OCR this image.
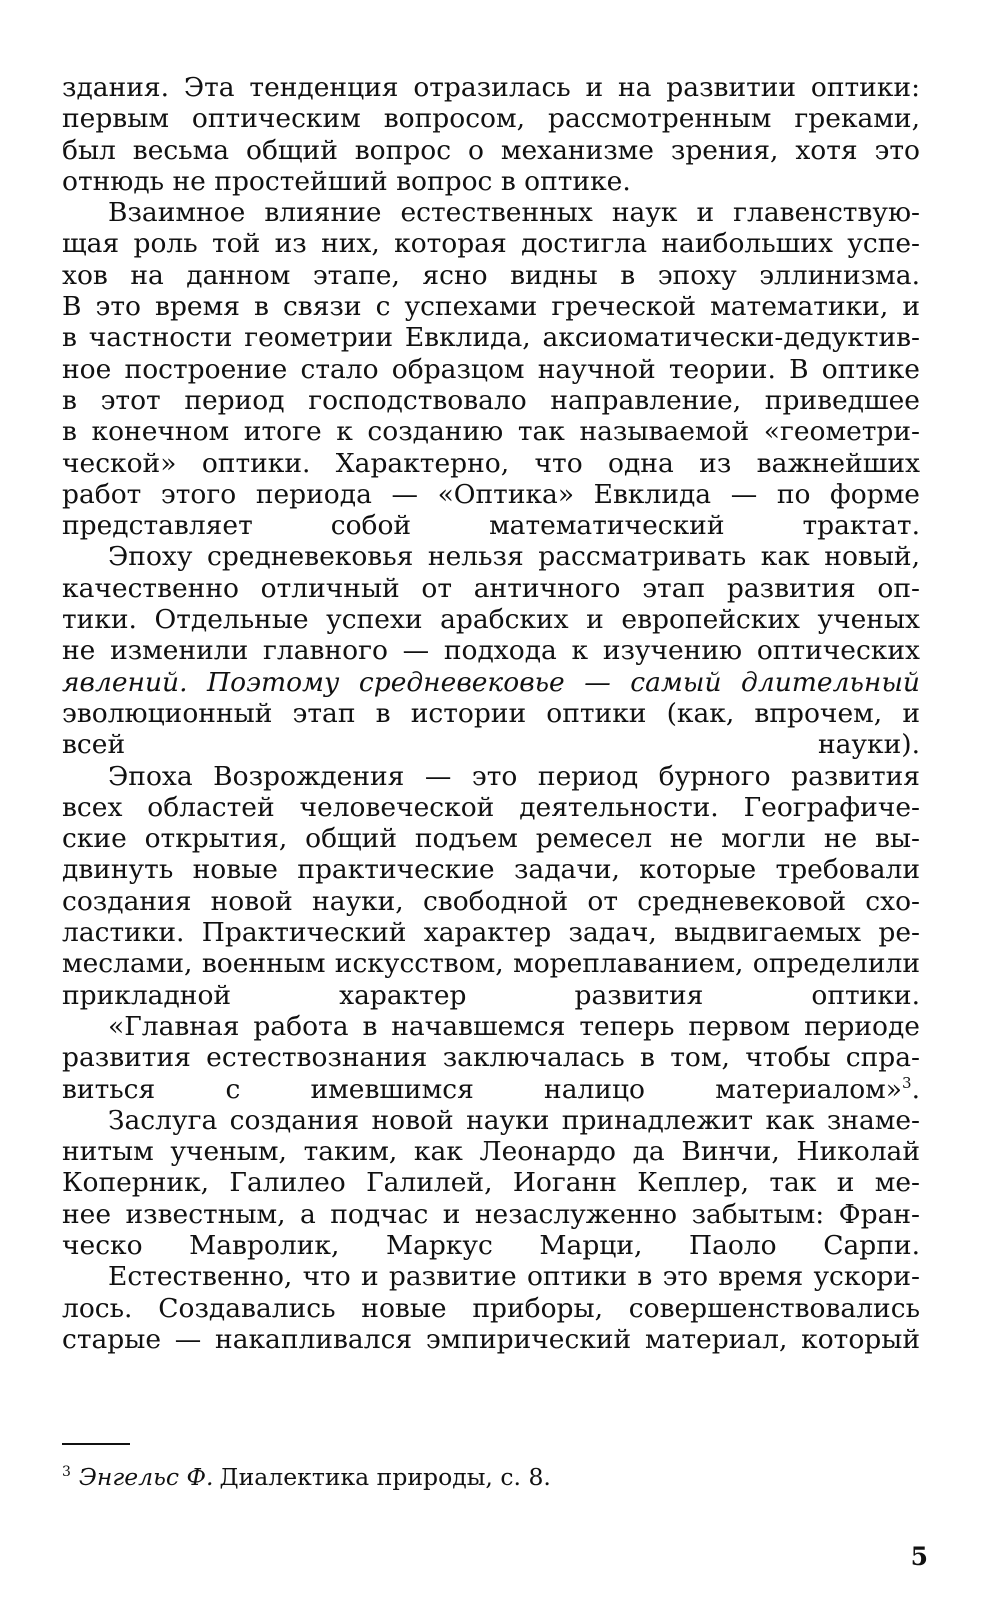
здания. Эта тенденция отразилась и на развитии оптики:
первым оптическим вопросом, рассмотренным греками,
был весьма общий вопрос о механизме зрения, хотя это
отнюдь не простейший вопрос в оптике.

Взаимное влияние естественных наук и главенствую-
щая роль той из них, которая достигла наибольших успе-
хов на данном этапе, ясно видны в эпоху эллинизма.
В это время в связи с успехами греческой математики, и
в частности геометрии Евклида, аксиоматически-дедуктив-
ное построение стало образцом научной теории. В оптике
в этот период господствовало направление, приведшее
в конечном итоге к созданию так называемой «геометри-
ческой» оптики. Характерно, что одна из важнейших
работ этого периода — «Оптика» Евклида — по форме
представляет собой математический трактат.

Эпоху средневековья нельзя рассматривать как новый,
качественно отличный от античного этап развития оп-
тики. Отдельные успехи арабских и европейских ученых
не изменили главного — подхода к изучению оптических
явлений. Поэтому средневековье — самый длительный
эволюционный этап в истории оптики (как, впрочем, и
всей науки).

Эпоха Возрождения — это период бурного развития
всех областей человеческой деятельности. Географиче-
ские открытия, общий подъем ремесел не могли не вы-
двинуть новые практические задачи, которые требовали
создания новой науки, свободной от средневековой схо-
ластики. Практический характер задач, выдвигаемых ре-
меслами, военным искусством, мореплаванием, определили
прикладной характер развития оптики.

«Главная работа в начавшемся теперь первом периоде
развития естествознания заключалась в том, чтобы спра-
виться с имевшимся налицо материалом»$^3$.

Заслуга создания новой науки принадлежит как знаме-
нитым ученым, таким, как Леонардо да Винчи, Николай
Коперник, Галилео Галилей, Иоганн Кеплер, так и ме-
нее известным, а подчас и незаслуженно забытым: Фран-
ческо Мавролик, Маркус Марци, Паоло Сарпи.

Естественно, что и развитие оптики в это время ускори-
лось. Создавались новые приборы, совершенствовались
старые — накапливался эмпирический материал, который

$^3$ Энгельс Ф. Диалектика природы, с. 8.
5
